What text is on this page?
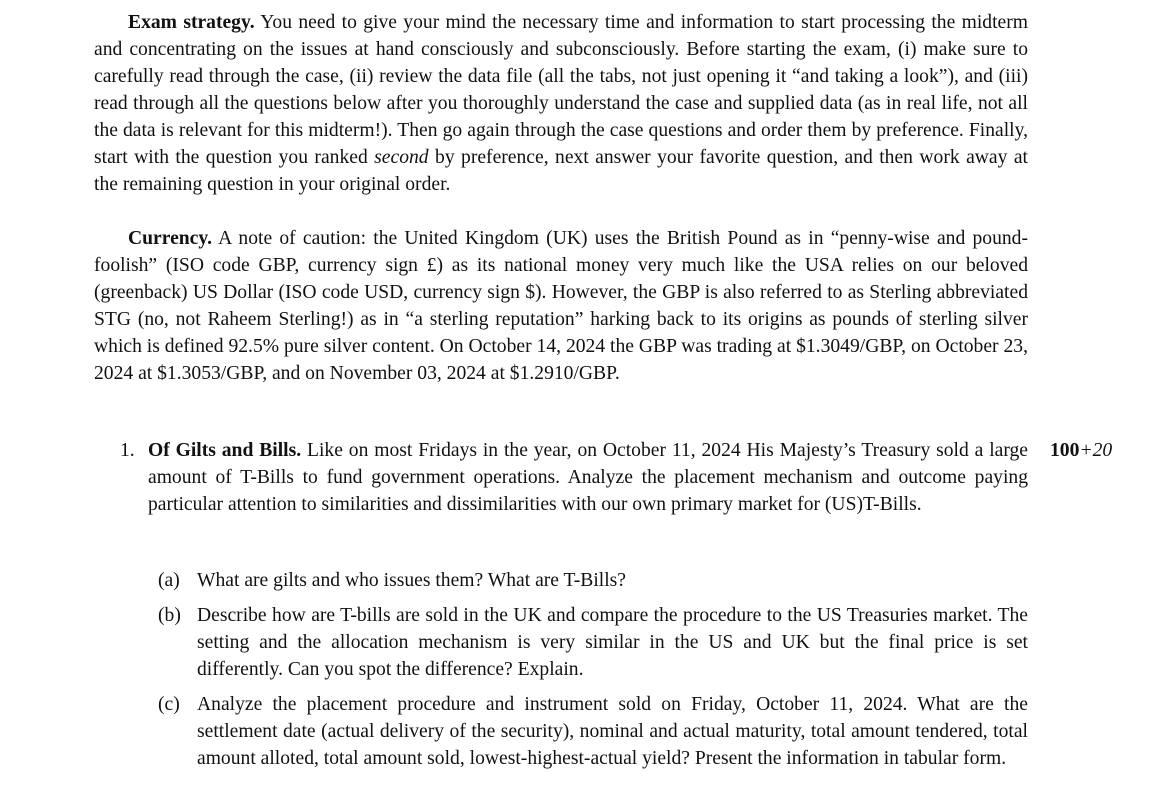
Exam strategy. You need to give your mind the necessary time and information to start processing the midterm and concentrating on the issues at hand consciously and subconsciously. Before starting the exam, (i) make sure to carefully read through the case, (ii) review the data file (all the tabs, not just opening it “and taking a look”), and (iii) read through all the questions below after you thoroughly understand the case and supplied data (as in real life, not all the data is relevant for this midterm!). Then go again through the case questions and order them by preference. Finally, start with the question you ranked second by preference, next answer your favorite question, and then work away at the remaining question in your original order.

Currency. A note of caution: the United Kingdom (UK) uses the British Pound as in “penny-wise and pound-foolish” (ISO code GBP, currency sign £) as its national money very much like the USA relies on our beloved (greenback) US Dollar (ISO code USD, currency sign $). However, the GBP is also referred to as Sterling abbreviated STG (no, not Raheem Sterling!) as in “a sterling reputation” harking back to its origins as pounds of sterling silver which is defined 92.5% pure silver content. On October 14, 2024 the GBP was trading at $1.3049/GBP, on October 23, 2024 at $1.3053/GBP, and on November 03, 2024 at $1.2910/GBP.

1. Of Gilts and Bills. Like on most Fridays in the year, on October 11, 2024 His Majesty’s Treasury sold a large amount of T-Bills to fund government operations. Analyze the placement mechanism and outcome paying particular attention to similarities and dissimilarities with our own primary market for (US)T-Bills.
100+20
(a) What are gilts and who issues them? What are T-Bills?
(b) Describe how are T-bills are sold in the UK and compare the procedure to the US Treasuries market. The setting and the allocation mechanism is very similar in the US and UK but the final price is set differently. Can you spot the difference? Explain.
(c) Analyze the placement procedure and instrument sold on Friday, October 11, 2024. What are the settlement date (actual delivery of the security), nominal and actual maturity, total amount tendered, total amount alloted, total amount sold, lowest-highest-actual yield? Present the information in tabular form.
